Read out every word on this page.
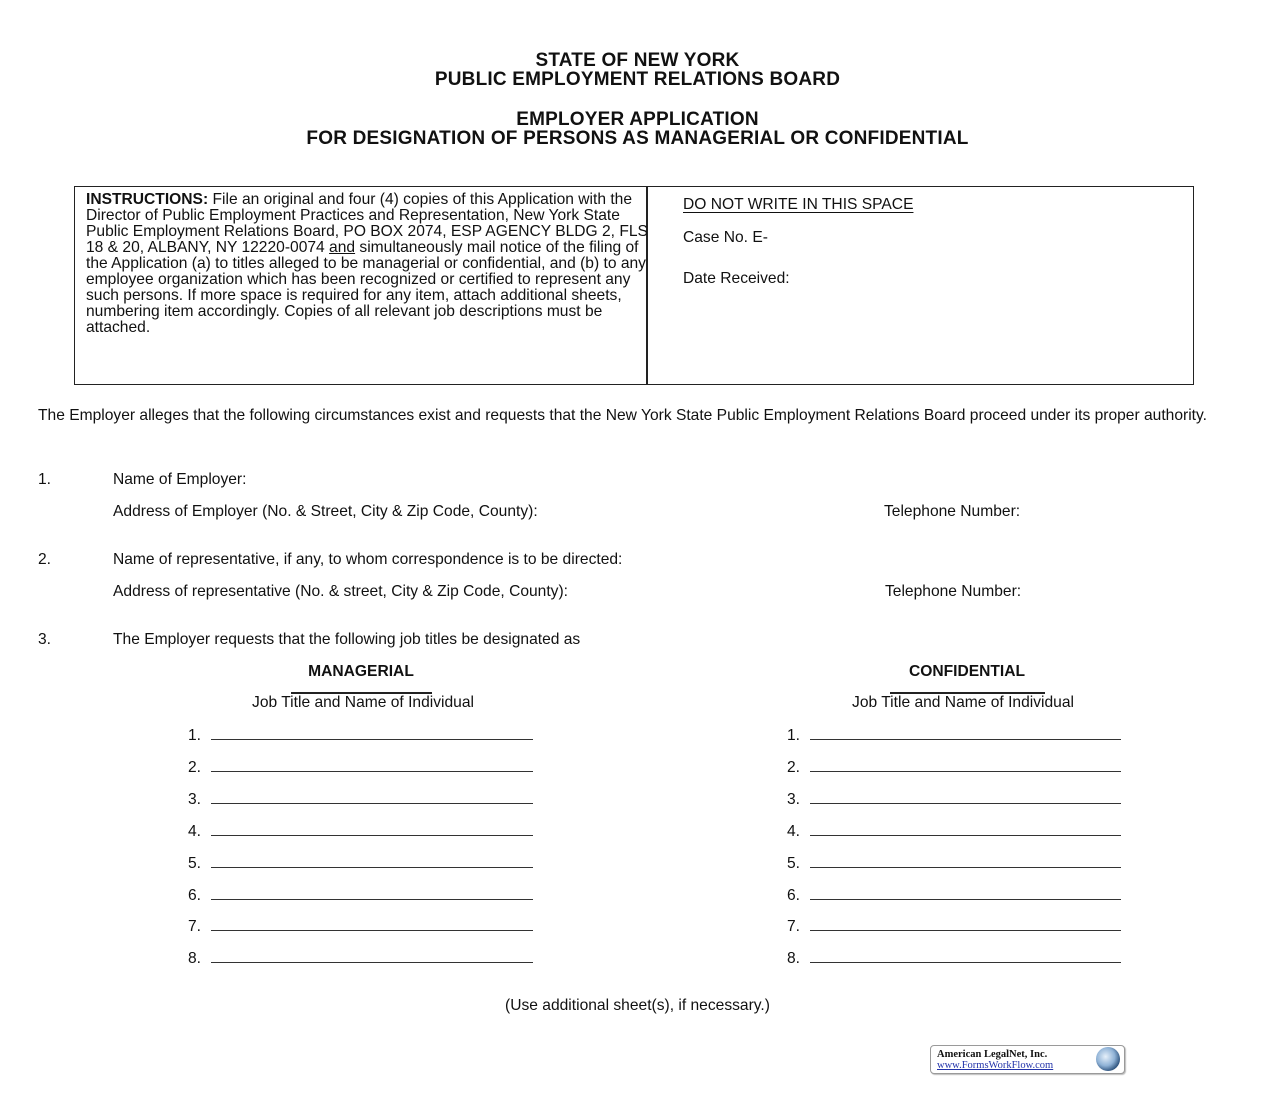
STATE OF NEW YORK
PUBLIC EMPLOYMENT RELATIONS BOARD
EMPLOYER APPLICATION
FOR DESIGNATION OF PERSONS AS MANAGERIAL OR CONFIDENTIAL
INSTRUCTIONS: File an original and four (4) copies of this Application with the Director of Public Employment Practices and Representation, New York State Public Employment Relations Board, PO BOX 2074, ESP AGENCY BLDG 2, FLS 18 & 20, ALBANY, NY 12220-0074 and simultaneously mail notice of the filing of the Application (a) to titles alleged to be managerial or confidential, and (b) to any employee organization which has been recognized or certified to represent any such persons. If more space is required for any item, attach additional sheets, numbering item accordingly. Copies of all relevant job descriptions must be attached.
DO NOT WRITE IN THIS SPACE
Case No. E-
Date Received:
The Employer alleges that the following circumstances exist and requests that the New York State Public Employment Relations Board proceed under its proper authority.
1.	Name of Employer:
Address of Employer (No. & Street, City & Zip Code, County):	Telephone Number:
2.	Name of representative, if any, to whom correspondence is to be directed:
Address of representative (No. & street, City & Zip Code, County):	Telephone Number:
3.	The Employer requests that the following job titles be designated as
MANAGERIAL
Job Title and Name of Individual
1.
2.
3.
4.
5.
6.
7.
8.
CONFIDENTIAL
Job Title and Name of Individual
1.
2.
3.
4.
5.
6.
7.
8.
(Use additional sheet(s), if necessary.)
American LegalNet, Inc.
www.FormsWorkFlow.com
